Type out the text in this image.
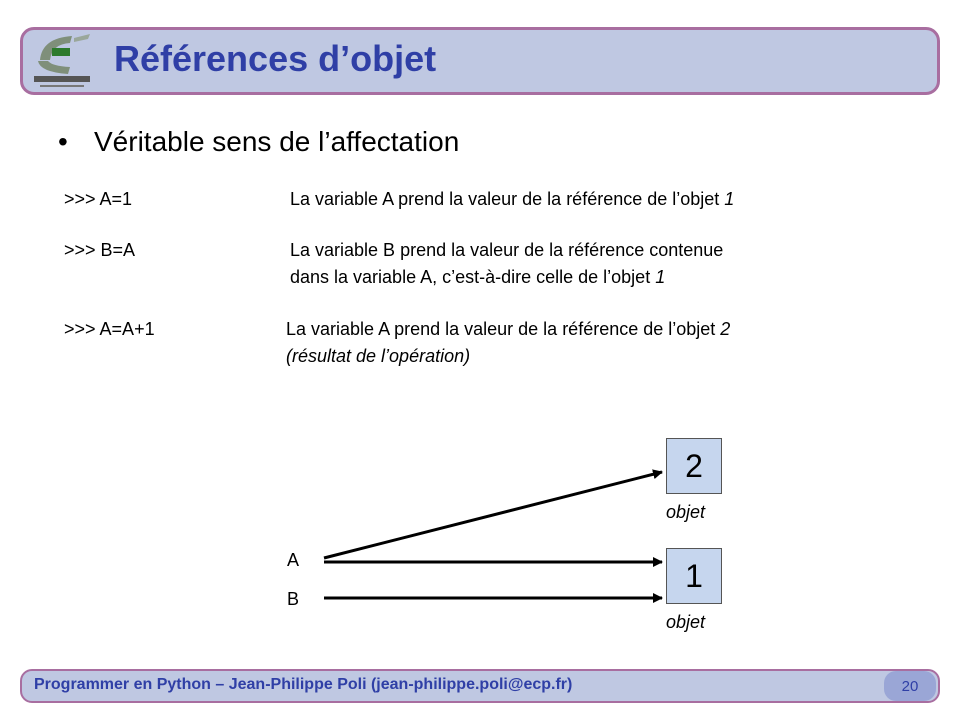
Références d’objet
• Véritable sens de l’affectation
>>> A=1	La variable A prend la valeur de la référence de l’objet 1
>>> B=A	La variable B prend la valeur de la référence contenue
dans la variable A, c’est-à-dire celle de l’objet 1
>>> A=A+1	La variable A prend la valeur de la référence de l’objet 2
(résultat de l’opération)
2
objet
1
objet
A
B
Programmer en Python – Jean-Philippe Poli (jean-philippe.poli@ecp.fr)	20
